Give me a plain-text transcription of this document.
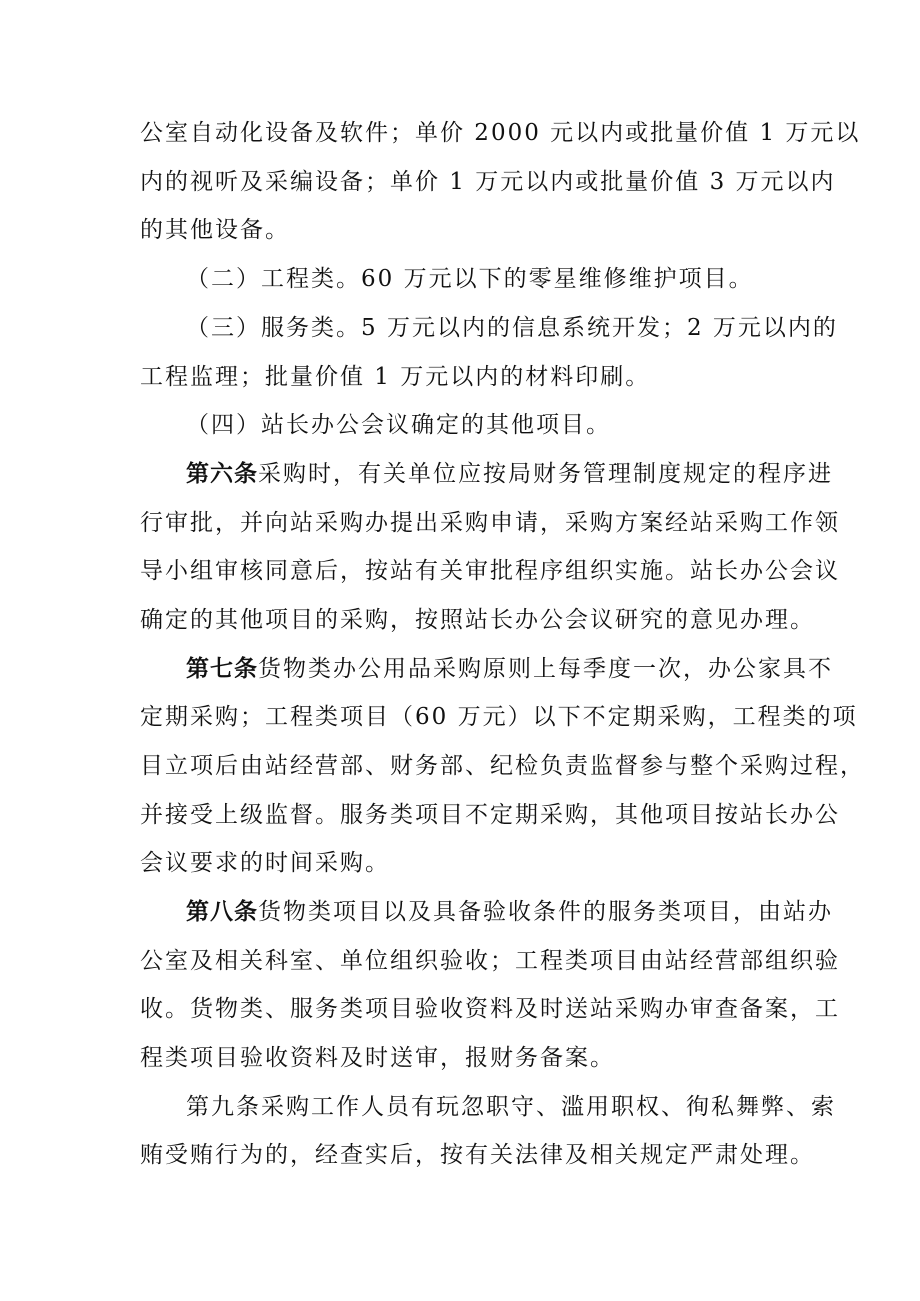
公室自动化设备及软件；单价 2000 元以内或批量价值 1 万元以
内的视听及采编设备；单价 1 万元以内或批量价值 3 万元以内
的其他设备。
（二）工程类。60 万元以下的零星维修维护项目。
（三）服务类。5 万元以内的信息系统开发；2 万元以内的
工程监理；批量价值 1 万元以内的材料印刷。
（四）站长办公会议确定的其他项目。
第六条采购时，有关单位应按局财务管理制度规定的程序进
行审批，并向站采购办提出采购申请，采购方案经站采购工作领
导小组审核同意后，按站有关审批程序组织实施。站长办公会议
确定的其他项目的采购，按照站长办公会议研究的意见办理。
第七条货物类办公用品采购原则上每季度一次，办公家具不
定期采购；工程类项目（60 万元）以下不定期采购，工程类的项
目立项后由站经营部、财务部、纪检负责监督参与整个采购过程，
并接受上级监督。服务类项目不定期采购，其他项目按站长办公
会议要求的时间采购。
第八条货物类项目以及具备验收条件的服务类项目，由站办
公室及相关科室、单位组织验收；工程类项目由站经营部组织验
收。货物类、服务类项目验收资料及时送站采购办审查备案，工
程类项目验收资料及时送审，报财务备案。
第九条采购工作人员有玩忽职守、滥用职权、徇私舞弊、索
贿受贿行为的，经查实后，按有关法律及相关规定严肃处理。
